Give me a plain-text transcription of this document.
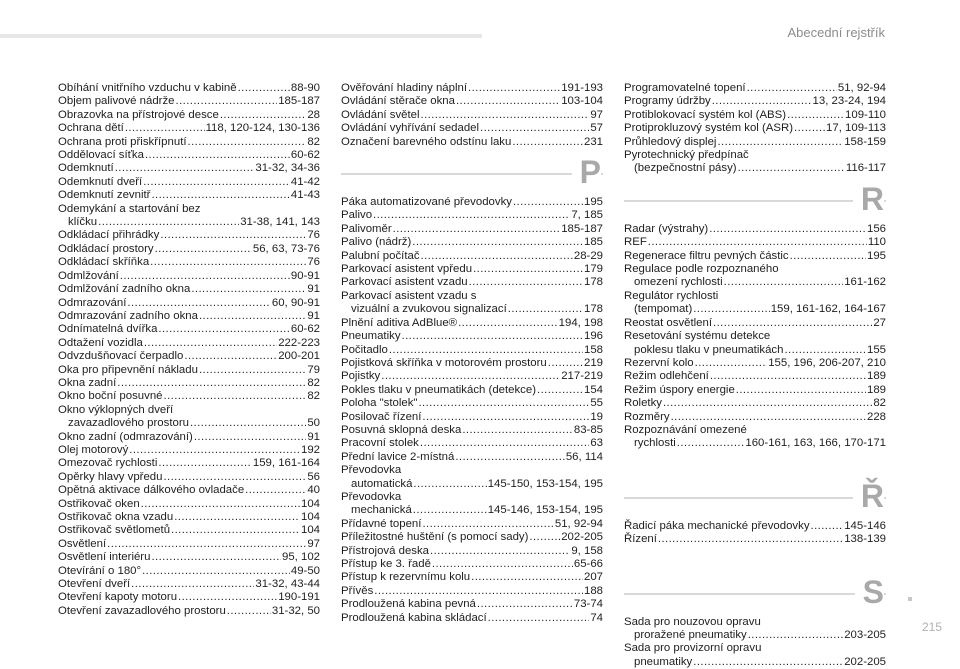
Abecední rejstřík
Obíhání vnitřního vzduchu v kabině .....	88-90
Objem palivové nádrže .....	185-187
Obrazovka na přístrojové desce .....	28
Ochrana dětí .....	118, 120-124, 130-136
Ochrana proti přiskřípnutí .....	82
Oddělovací síťka .....	60-62
Odemknutí .....	31-32, 34-36
Odemknutí dveří .....	41-42
Odemknutí zevnitř .....	41-43
Odemykání a startování bez
klíčku .....	31-38, 141, 143
Odkládací přihrádky .....	76
Odkládací prostory .....	56, 63, 73-76
Odkládací skříňka .....	76
Odmlžování .....	90-91
Odmlžování zadního okna .....	91
Odmrazování .....	60, 90-91
Odmrazování zadního okna .....	91
Odnímatelná dvířka .....	60-62
Odtažení vozidla .....	222-223
Odvzdušňovací čerpadlo .....	200-201
Oka pro připevnění nákladu .....	79
Okna zadní .....	82
Okno boční posuvné .....	82
Okno výklopných dveří
zavazadlového prostoru .....	50
Okno zadní (odmrazování) .....	91
Olej motorový .....	192
Omezovač rychlosti .....	159, 161-164
Opěrky hlavy vpředu .....	56
Opětná aktivace dálkového ovladače .....	40
Ostřikovač oken .....	104
Ostřikovač okna vzadu .....	104
Ostřikovač světlometů .....	104
Osvětlení .....	97
Osvětlení interiéru .....	95, 102
Otevírání o 180° .....	49-50
Otevření dveří .....	31-32, 43-44
Otevření kapoty motoru .....	190-191
Otevření zavazadlového prostoru .....	31-32, 50
Ověřování hladiny náplní .....	191-193
Ovládání stěrače okna .....	103-104
Ovládání světel .....	97
Ovládání vyhřívání sedadel .....	57
Označení barevného odstínu laku .....	231
P
Páka automatizované převodovky .....	195
Palivo .....	7, 185
Palivoměr .....	185-187
Palivo (nádrž) .....	185
Palubní počítač .....	28-29
Parkovací asistent vpředu .....	179
Parkovací asistent vzadu .....	178
Parkovací asistent vzadu s
vizuální a zvukovou signalizací .....	178
Plnění aditiva AdBlue® .....	194, 198
Pneumatiky .....	196
Počitadlo .....	158
Pojistková skříňka v motorovém prostoru .....	219
Pojistky .....	217-219
Pokles tlaku v pneumatikách (detekce) .....	154
Poloha "stolek" .....	55
Posilovač řízení .....	19
Posuvná sklopná deska .....	83-85
Pracovní stolek .....	63
Přední lavice 2-místná .....	56, 114
Převodovka
automatická .....	145-150, 153-154, 195
Převodovka
mechanická .....	145-146, 153-154, 195
Přídavné topení .....	51, 92-94
Příležitostné huštění (s pomocí sady) .....	202-205
Přístrojová deska .....	9, 158
Přístup ke 3. řadě .....	65-66
Přístup k rezervnímu kolu .....	207
Přívěs .....	188
Prodloužená kabina pevná .....	73-74
Prodloužená kabina skládací .....	74
Programovatelné topení .....	51, 92-94
Programy údržby .....	13, 23-24, 194
Protiblokovací systém kol (ABS) .....	109-110
Protiprokluzový systém kol (ASR) .....	17, 109-113
Průhledový displej .....	158-159
Pyrotechnický předpínač
(bezpečnostní pásy) .....	116-117
R
Radar (výstrahy) .....	156
REF .....	110
Regenerace filtru pevných částic .....	195
Regulace podle rozpoznaného
omezení rychlosti .....	161-162
Regulátor rychlosti
(tempomat) .....	159, 161-162, 164-167
Reostat osvětlení .....	27
Resetování systému detekce
poklesu tlaku v pneumatikách .....	155
Rezervní kolo .....	155, 196, 206-207, 210
Režim odlehčení .....	189
Režim úspory energie .....	189
Roletky .....	82
Rozměry .....	228
Rozpoznávání omezené
rychlosti .....	160-161, 163, 166, 170-171
Ř
Řadicí páka mechanické převodovky .....	145-146
Řízení .....	138-139
S
Sada pro nouzovou opravu
proražené pneumatiky .....	203-205
Sada pro provizorní opravu
pneumatiky .....	202-205
215
